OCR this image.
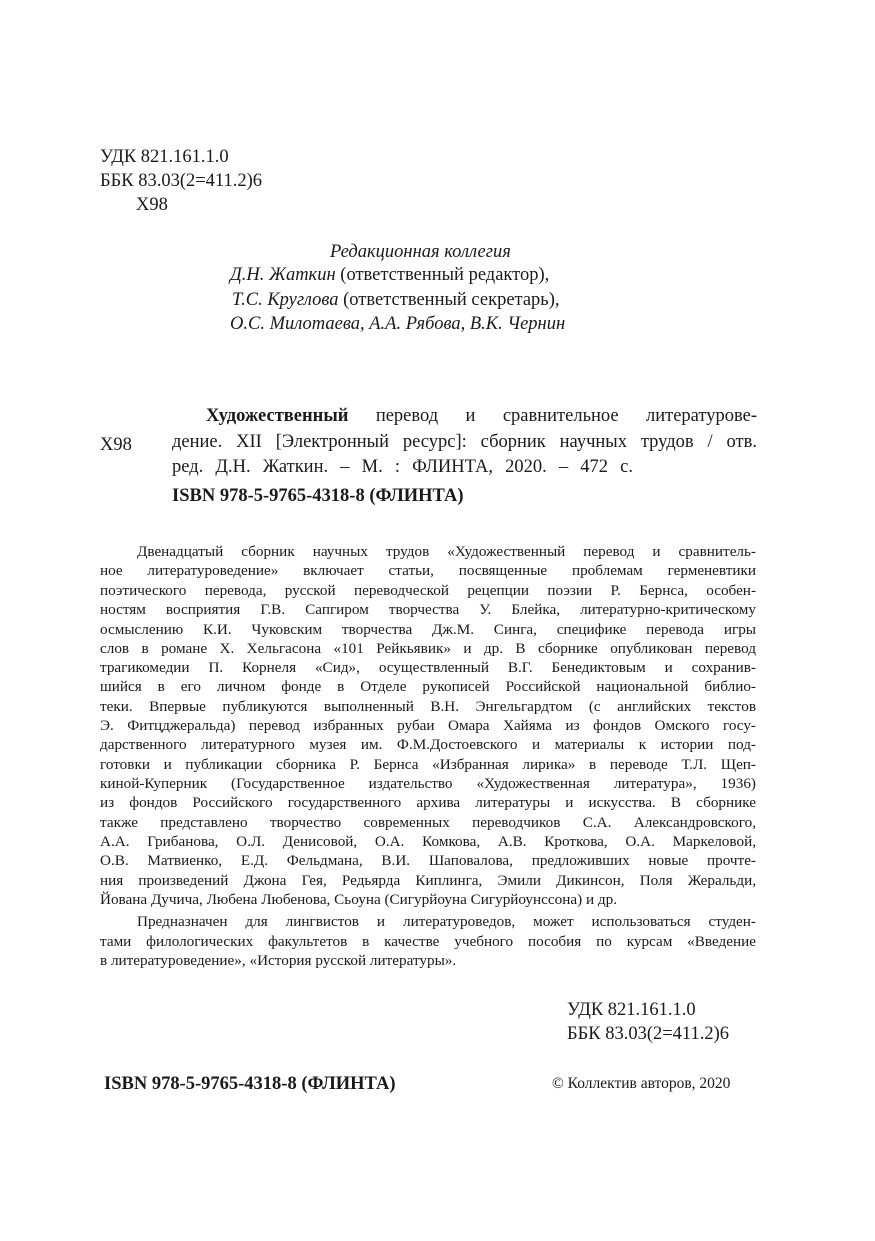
УДК 821.161.1.0
ББК 83.03(2=411.2)6
Х98
Редакционная коллегия
Д.Н. Жаткин (ответственный редактор),
Т.С. Круглова (ответственный секретарь),
О.С. Милотаева, А.А. Рябова, В.К. Чернин
Х98
Художественный перевод и сравнительное литературове-
дение. XII [Электронный ресурс]: сборник научных трудов / отв.
ред. Д.Н. Жаткин. – М. : ФЛИНТА, 2020. – 472 с.
ISBN 978-5-9765-4318-8 (ФЛИНТА)
Двенадцатый сборник научных трудов «Художественный перевод и сравнитель-
ное литературоведение» включает статьи, посвященные проблемам герменевтики
поэтического перевода, русской переводческой рецепции поэзии Р. Бернса, особен-
ностям восприятия Г.В. Сапгиром творчества У. Блейка, литературно-критическому
осмыслению К.И. Чуковским творчества Дж.М. Синга, специфике перевода игры
слов в романе Х. Хельгасона «101 Рейкьявик» и др. В сборнике опубликован перевод
трагикомедии П. Корнеля «Сид», осуществленный В.Г. Бенедиктовым и сохранив-
шийся в его личном фонде в Отделе рукописей Российской национальной библио-
теки. Впервые публикуются выполненный В.Н. Энгельгардтом (с английских текстов
Э. Фитцджеральда) перевод избранных рубаи Омара Хайяма из фондов Омского госу-
дарственного литературного музея им. Ф.М.Достоевского и материалы к истории под-
готовки и публикации сборника Р. Бернса «Избранная лирика» в переводе Т.Л. Щеп-
киной-Куперник (Государственное издательство «Художественная литература», 1936)
из фондов Российского государственного архива литературы и искусства. В сборнике
также представлено творчество современных переводчиков С.А. Александровского,
А.А. Грибанова, О.Л. Денисовой, О.А. Комкова, А.В. Кроткова, О.А. Маркеловой,
О.В. Матвиенко, Е.Д. Фельдмана, В.И. Шаповалова, предложивших новые прочте-
ния произведений Джона Гея, Редьярда Киплинга, Эмили Дикинсон, Поля Жеральди,
Йована Дучича, Любена Любенова, Сьоуна (Сигурйоуна Сигурйоунссона) и др.
Предназначен для лингвистов и литературоведов, может использоваться студен-
тами филологических факультетов в качестве учебного пособия по курсам «Введение
в литературоведение», «История русской литературы».
УДК 821.161.1.0
ББК 83.03(2=411.2)6
ISBN 978-5-9765-4318-8 (ФЛИНТА)	© Коллектив авторов, 2020
